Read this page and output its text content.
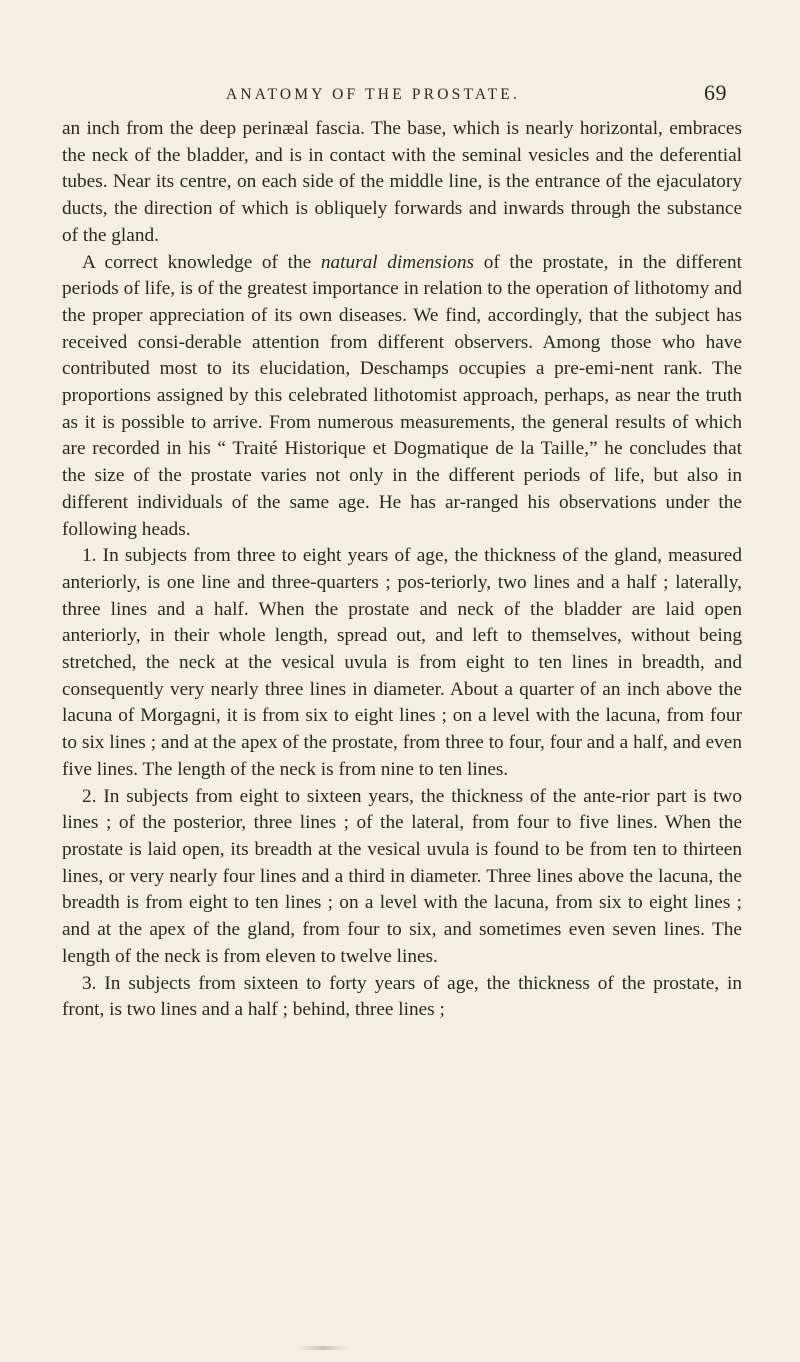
ANATOMY OF THE PROSTATE.	69

an inch from the deep perinæal fascia. The base, which is nearly horizontal, embraces the neck of the bladder, and is in contact with the seminal vesicles and the deferential tubes. Near its centre, on each side of the middle line, is the entrance of the ejaculatory ducts, the direction of which is obliquely forwards and inwards through the substance of the gland.

A correct knowledge of the natural dimensions of the prostate, in the different periods of life, is of the greatest importance in relation to the operation of lithotomy and the proper appreciation of its own diseases. We find, accordingly, that the subject has received consi-derable attention from different observers. Among those who have contributed most to its elucidation, Deschamps occupies a pre-emi-nent rank. The proportions assigned by this celebrated lithotomist approach, perhaps, as near the truth as it is possible to arrive. From numerous measurements, the general results of which are recorded in his “ Traité Historique et Dogmatique de la Taille,” he concludes that the size of the prostate varies not only in the different periods of life, but also in different individuals of the same age. He has ar-ranged his observations under the following heads.

1. In subjects from three to eight years of age, the thickness of the gland, measured anteriorly, is one line and three-quarters ; pos-teriorly, two lines and a half ; laterally, three lines and a half. When the prostate and neck of the bladder are laid open anteriorly, in their whole length, spread out, and left to themselves, without being stretched, the neck at the vesical uvula is from eight to ten lines in breadth, and consequently very nearly three lines in diameter. About a quarter of an inch above the lacuna of Morgagni, it is from six to eight lines ; on a level with the lacuna, from four to six lines ; and at the apex of the prostate, from three to four, four and a half, and even five lines. The length of the neck is from nine to ten lines.

2. In subjects from eight to sixteen years, the thickness of the ante-rior part is two lines ; of the posterior, three lines ; of the lateral, from four to five lines. When the prostate is laid open, its breadth at the vesical uvula is found to be from ten to thirteen lines, or very nearly four lines and a third in diameter. Three lines above the lacuna, the breadth is from eight to ten lines ; on a level with the lacuna, from six to eight lines ; and at the apex of the gland, from four to six, and sometimes even seven lines. The length of the neck is from eleven to twelve lines.

3. In subjects from sixteen to forty years of age, the thickness of the prostate, in front, is two lines and a half ; behind, three lines ;
